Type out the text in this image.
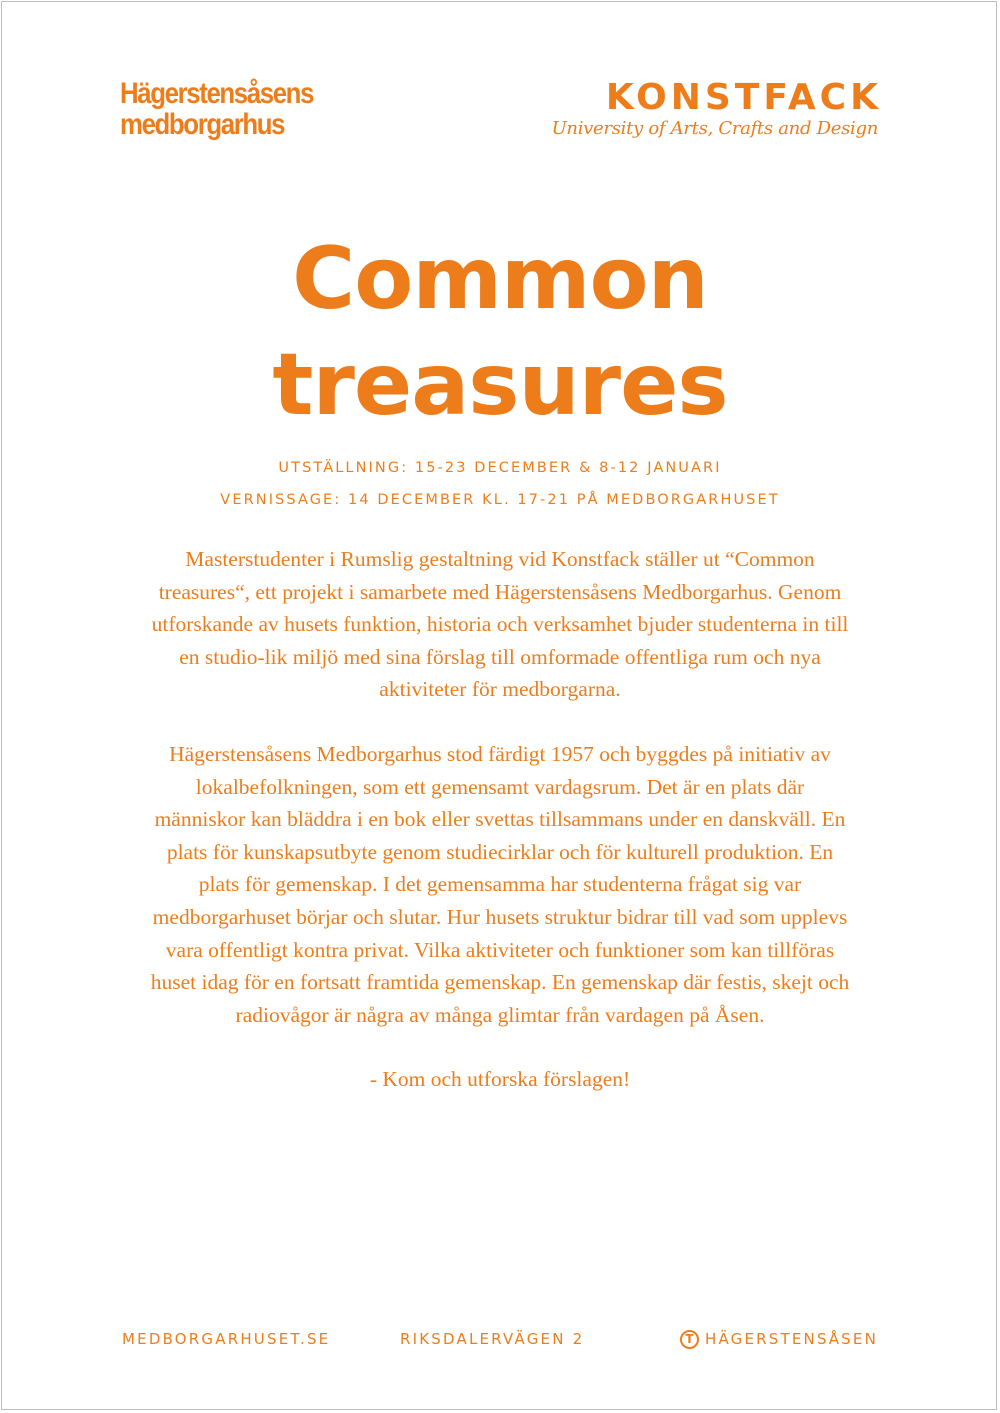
Hägerstensåsens
medborgarhus
KONSTFACK
University of Arts, Crafts and Design
Common
treasures
UTSTÄLLNING: 15-23 DECEMBER & 8-12 JANUARI
VERNISSAGE: 14 DECEMBER KL. 17-21 PÅ MEDBORGARHUSET

Masterstudenter i Rumslig gestaltning vid Konstfack ställer ut “Common treasures“, ett projekt i samarbete med Hägerstensåsens Medborgarhus. Genom utforskande av husets funktion, historia och verksamhet bjuder studenterna in till en studio-lik miljö med sina förslag till omformade offentliga rum och nya aktiviteter för medborgarna.

Hägerstensåsens Medborgarhus stod färdigt 1957 och byggdes på initiativ av lokalbefolkningen, som ett gemensamt vardagsrum. Det är en plats där människor kan bläddra i en bok eller svettas tillsammans under en danskväll. En plats för kunskapsutbyte genom studiecirklar och för kulturell produktion. En plats för gemenskap. I det gemensamma har studenterna frågat sig var medborgarhuset börjar och slutar. Hur husets struktur bidrar till vad som upplevs vara offentligt kontra privat. Vilka aktiviteter och funktioner som kan tillföras huset idag för en fortsatt framtida gemenskap. En gemenskap där festis, skejt och radiovågor är några av många glimtar från vardagen på Åsen.

- Kom och utforska förslagen!

MEDBORGARHUSET.SE	RIKSDALERVÄGEN 2	T HÄGERSTENSÅSEN
